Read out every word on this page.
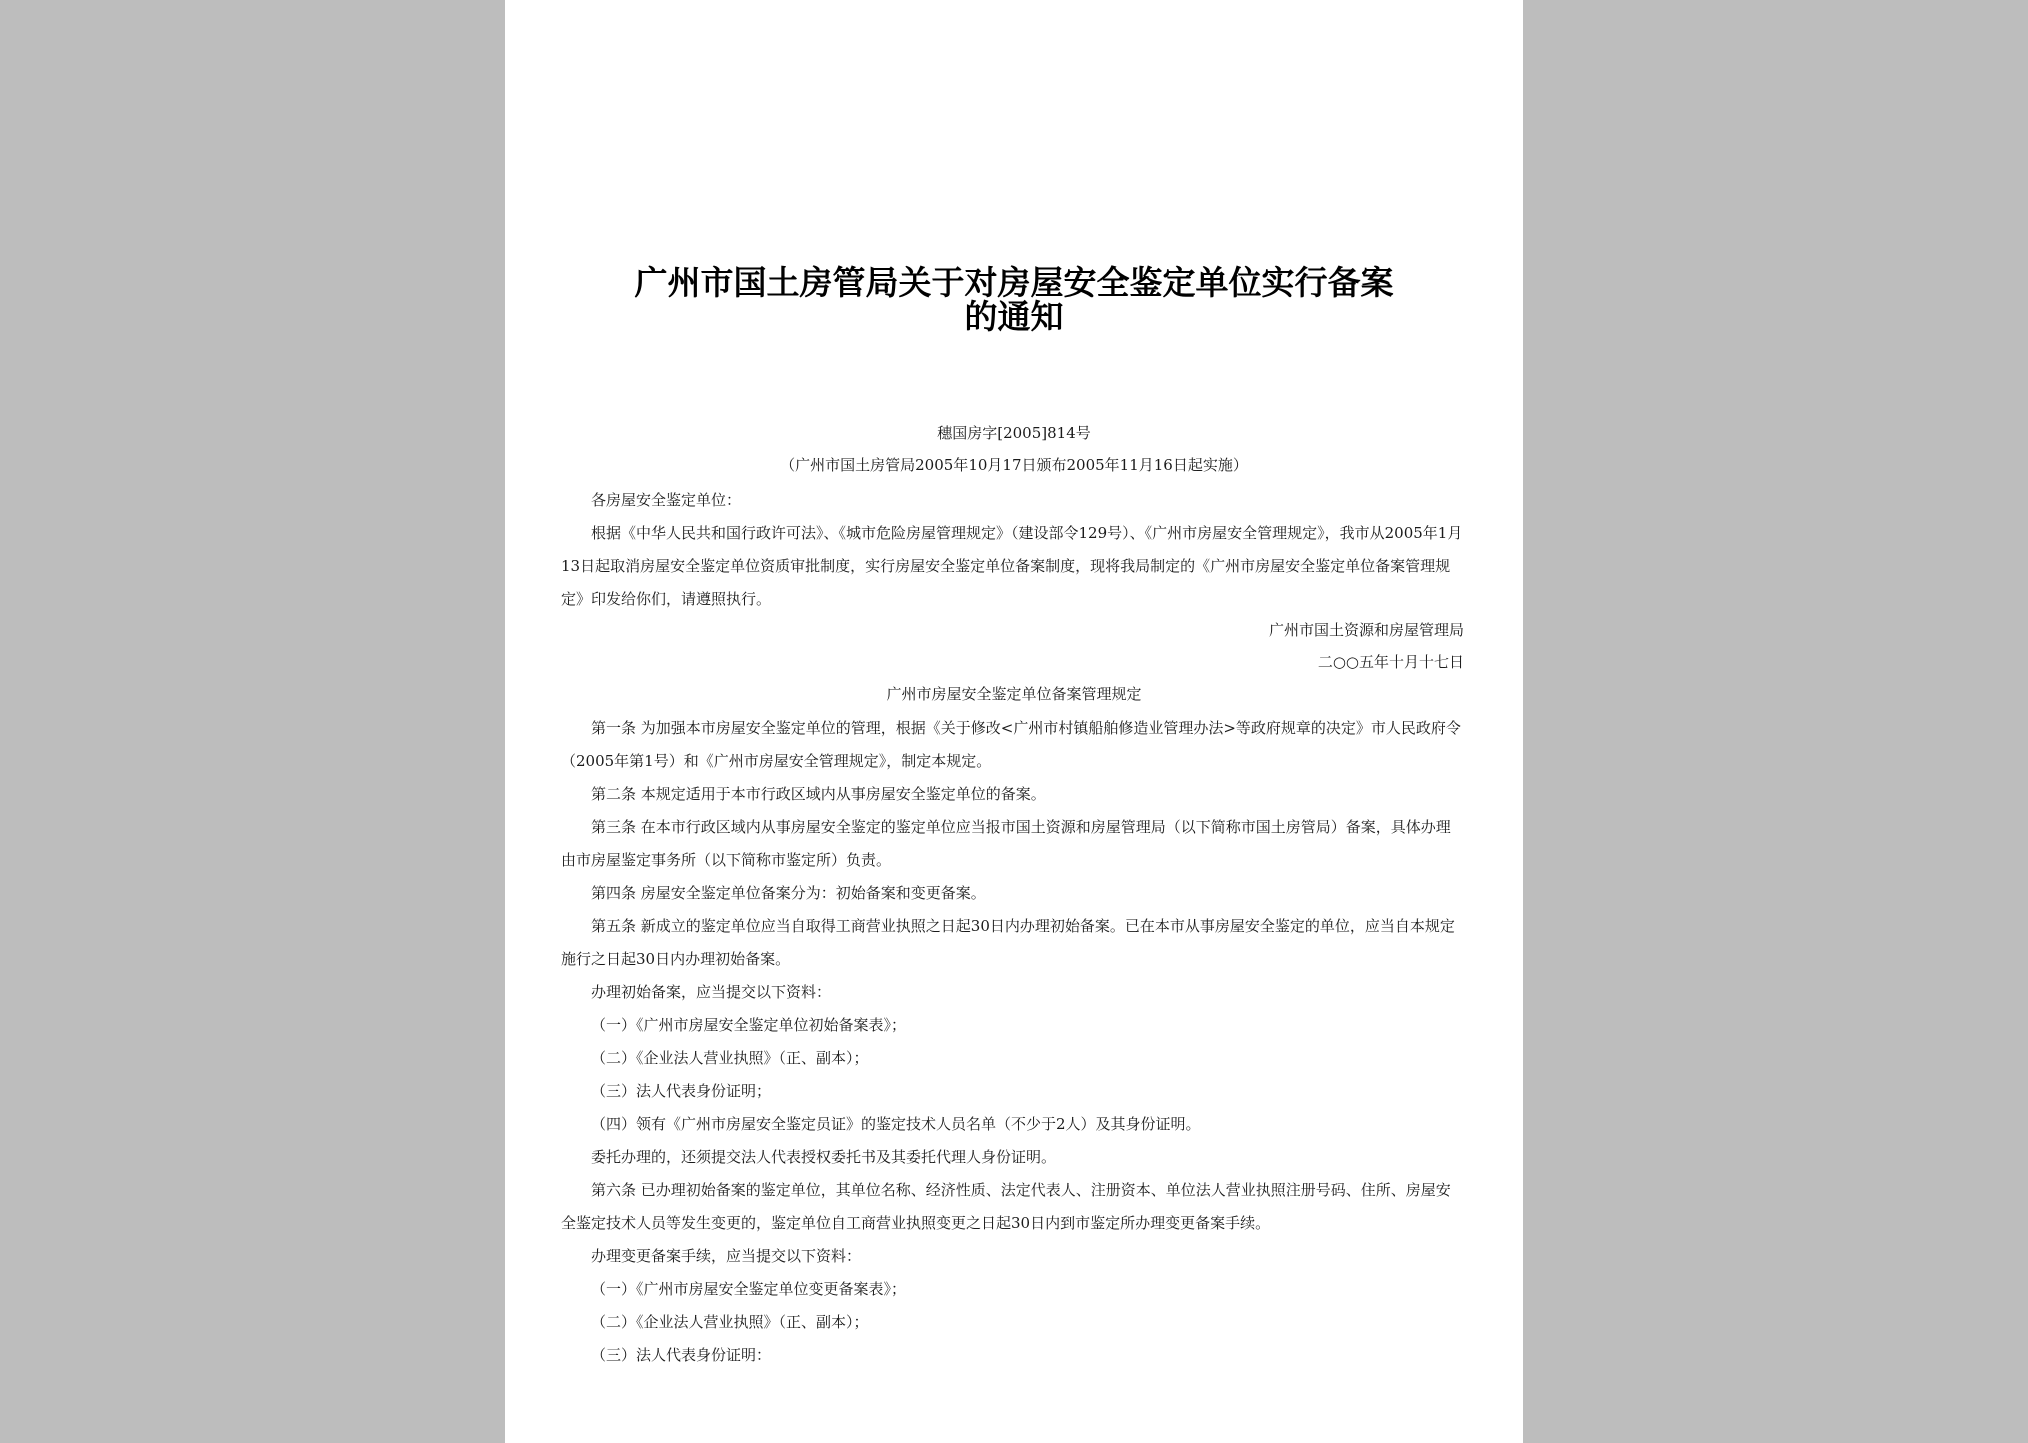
广州市国土房管局关于对房屋安全鉴定单位实行备案
的通知
穗国房字[2005]814号
（广州市国土房管局2005年10月17日颁布2005年11月16日起实施）

各房屋安全鉴定单位：

根据《中华人民共和国行政许可法》、《城市危险房屋管理规定》（建设部令129号）、《广州市房屋安全管理规定》，我市从2005年1月13日起取消房屋安全鉴定单位资质审批制度，实行房屋安全鉴定单位备案制度，现将我局制定的《广州市房屋安全鉴定单位备案管理规定》印发给你们，请遵照执行。

广州市国土资源和房屋管理局
二○○五年十月十七日
广州市房屋安全鉴定单位备案管理规定

第一条 为加强本市房屋安全鉴定单位的管理，根据《关于修改<广州市村镇船舶修造业管理办法>等政府规章的决定》市人民政府令（2005年第1号）和《广州市房屋安全管理规定》，制定本规定。

第二条 本规定适用于本市行政区域内从事房屋安全鉴定单位的备案。

第三条 在本市行政区域内从事房屋安全鉴定的鉴定单位应当报市国土资源和房屋管理局（以下简称市国土房管局）备案，具体办理由市房屋鉴定事务所（以下简称市鉴定所）负责。

第四条 房屋安全鉴定单位备案分为：初始备案和变更备案。

第五条 新成立的鉴定单位应当自取得工商营业执照之日起30日内办理初始备案。已在本市从事房屋安全鉴定的单位，应当自本规定施行之日起30日内办理初始备案。

办理初始备案，应当提交以下资料：

（一）《广州市房屋安全鉴定单位初始备案表》；

（二）《企业法人营业执照》（正、副本）；

（三）法人代表身份证明；

（四）领有《广州市房屋安全鉴定员证》的鉴定技术人员名单（不少于2人）及其身份证明。

委托办理的，还须提交法人代表授权委托书及其委托代理人身份证明。

第六条 已办理初始备案的鉴定单位，其单位名称、经济性质、法定代表人、注册资本、单位法人营业执照注册号码、住所、房屋安全鉴定技术人员等发生变更的，鉴定单位自工商营业执照变更之日起30日内到市鉴定所办理变更备案手续。

办理变更备案手续，应当提交以下资料：

（一）《广州市房屋安全鉴定单位变更备案表》；

（二）《企业法人营业执照》（正、副本）；

（三）法人代表身份证明：
